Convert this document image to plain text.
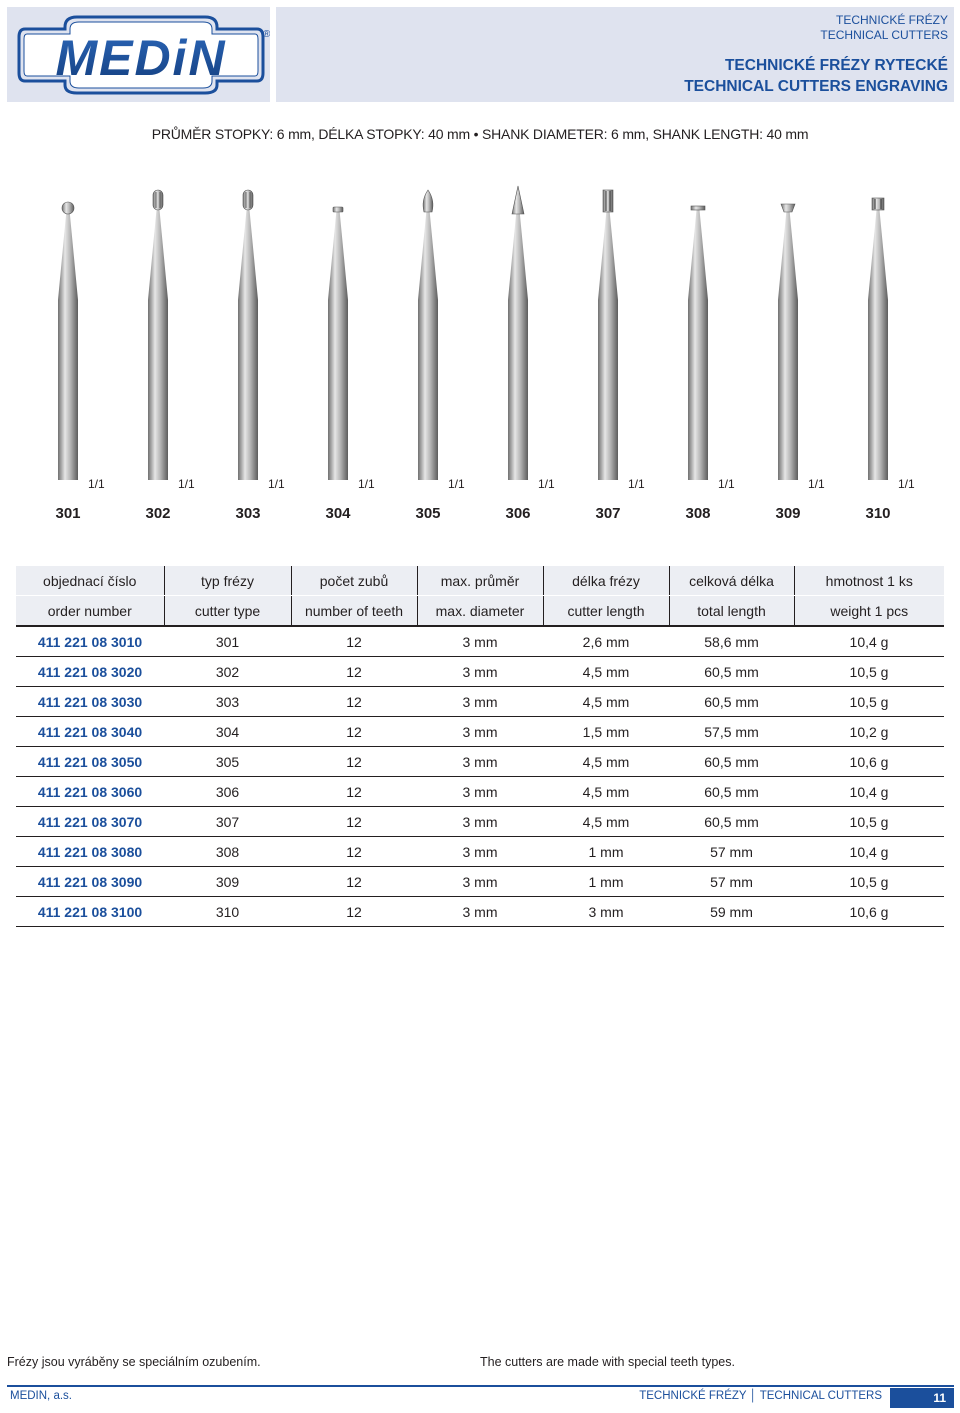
MEDiN	®
TECHNICKÉ FRÉZY
TECHNICAL CUTTERS
TECHNICKÉ FRÉZY RYTECKÉ
TECHNICAL CUTTERS ENGRAVING
PRŮMĚR STOPKY: 6 mm, DÉLKA STOPKY: 40 mm • SHANK DIAMETER: 6 mm, SHANK LENGTH: 40 mm
1/1	1/1	1/1	1/1	1/1	1/1	1/1	1/1	1/1	1/1
objednací číslo	typ frézy	počet zubů	max. průměr	délka frézy	celková délka	hmotnost 1 ks
order number	cutter type	number of teeth	max. diameter	cutter length	total length	weight 1 pcs
411 221 08 3010	301	12	3 mm	2,6 mm	58,6 mm	10,4 g
411 221 08 3020	302	12	3 mm	4,5 mm	60,5 mm	10,5 g
411 221 08 3030	303	12	3 mm	4,5 mm	60,5 mm	10,5 g
411 221 08 3040	304	12	3 mm	1,5 mm	57,5 mm	10,2 g
411 221 08 3050	305	12	3 mm	4,5 mm	60,5 mm	10,6 g
411 221 08 3060	306	12	3 mm	4,5 mm	60,5 mm	10,4 g
411 221 08 3070	307	12	3 mm	4,5 mm	60,5 mm	10,5 g
411 221 08 3080	308	12	3 mm	1 mm	57 mm	10,4 g
411 221 08 3090	309	12	3 mm	1 mm	57 mm	10,5 g
411 221 08 3100	310	12	3 mm	3 mm	59 mm	10,6 g
Frézy jsou vyráběny se speciálním ozubením.	The cutters are made with special teeth types.
MEDIN, a.s.	TECHNICKÉ FRÉZY │ TECHNICAL CUTTERS	11
301	302	303	304	305	306	307	308	309	310
